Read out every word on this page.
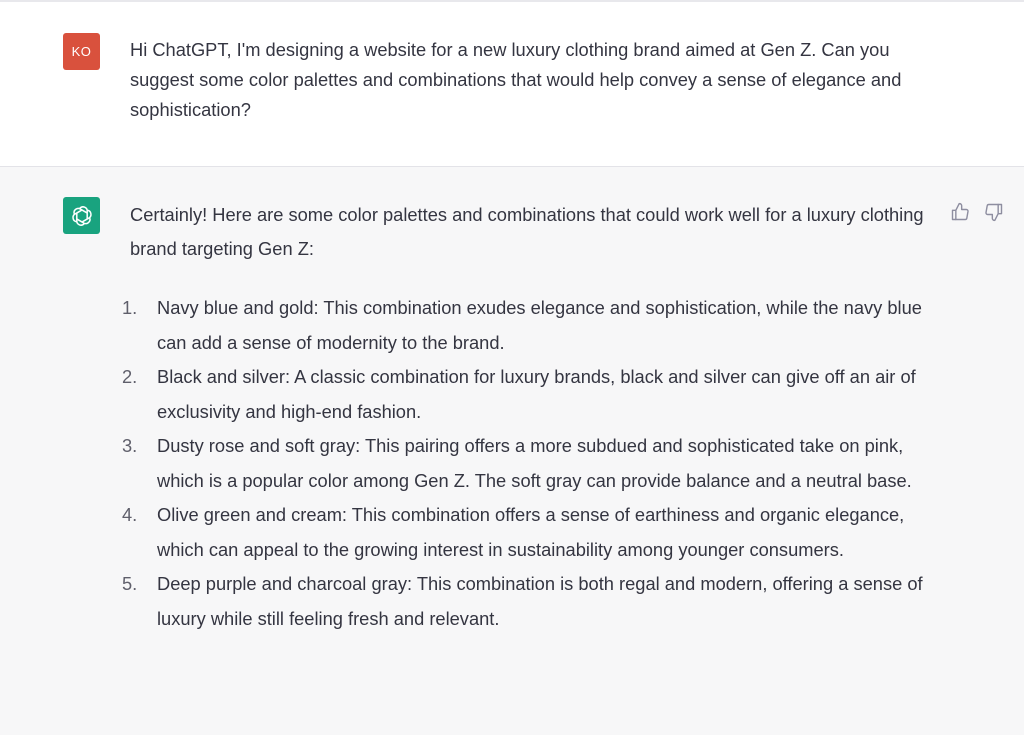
KO Hi ChatGPT, I'm designing a website for a new luxury clothing brand aimed at Gen Z. Can you suggest some color palettes and combinations that would help convey a sense of elegance and sophistication?

Certainly! Here are some color palettes and combinations that could work well for a luxury clothing brand targeting Gen Z:

1. Navy blue and gold: This combination exudes elegance and sophistication, while the navy blue can add a sense of modernity to the brand.
2. Black and silver: A classic combination for luxury brands, black and silver can give off an air of exclusivity and high-end fashion.
3. Dusty rose and soft gray: This pairing offers a more subdued and sophisticated take on pink, which is a popular color among Gen Z. The soft gray can provide balance and a neutral base.
4. Olive green and cream: This combination offers a sense of earthiness and organic elegance, which can appeal to the growing interest in sustainability among younger consumers.
5. Deep purple and charcoal gray: This combination is both regal and modern, offering a sense of luxury while still feeling fresh and relevant.
